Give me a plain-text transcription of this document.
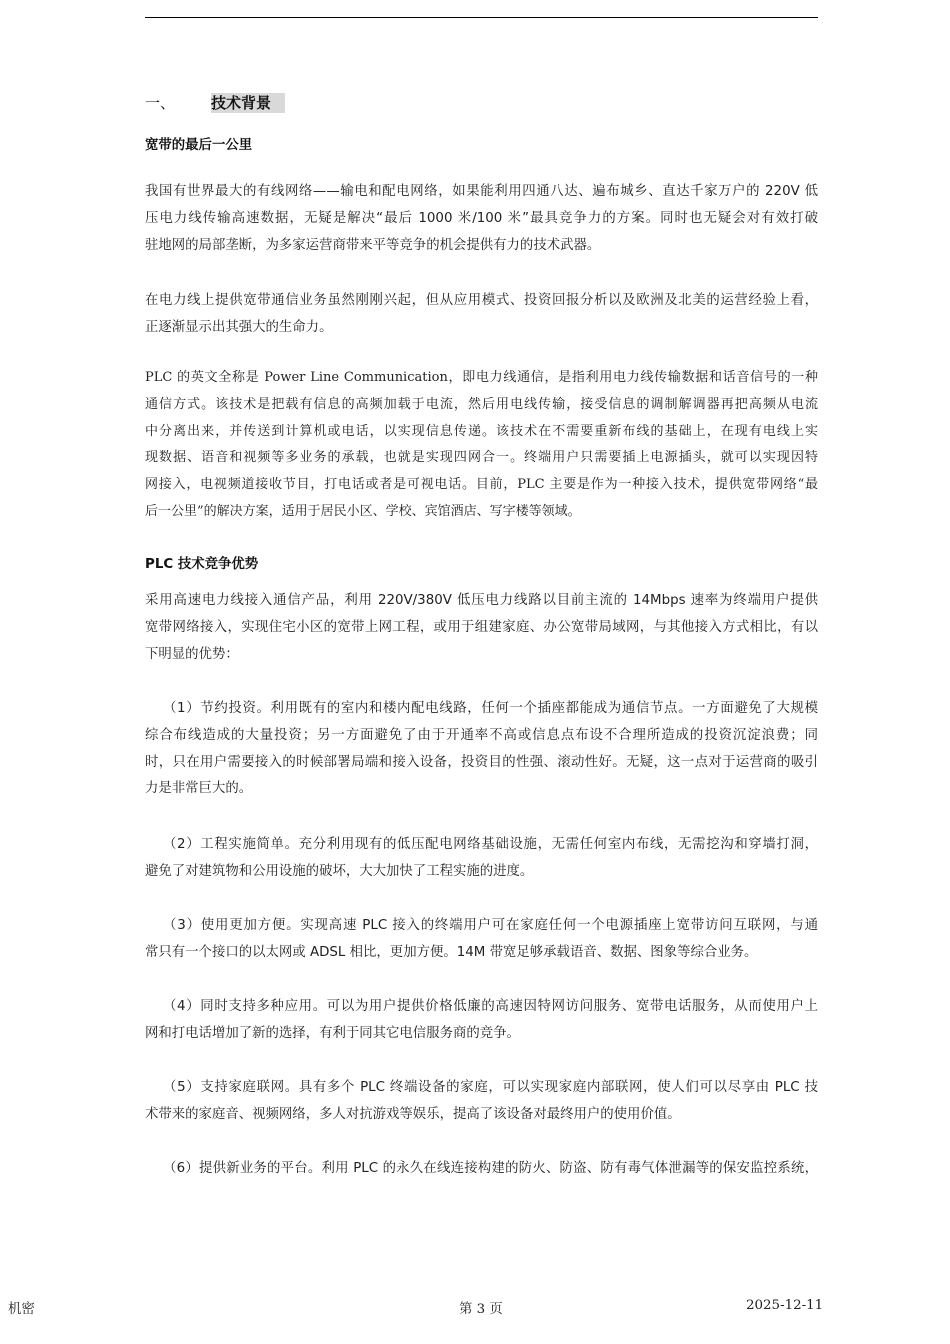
一、 技术背景
宽带的最后一公里
我国有世界最大的有线网络——输电和配电网络，如果能利用四通八达、遍布城乡、直达千家万户的 220V 低
压电力线传输高速数据，无疑是解决“最后 1000 米/100 米”最具竞争力的方案。同时也无疑会对有效打破
驻地网的局部垄断，为多家运营商带来平等竞争的机会提供有力的技术武器。
在电力线上提供宽带通信业务虽然刚刚兴起，但从应用模式、投资回报分析以及欧洲及北美的运营经验上看，
正逐渐显示出其强大的生命力。
PLC 的英文全称是 Power Line Communication，即电力线通信，是指利用电力线传输数据和话音信号的一种
通信方式。该技术是把载有信息的高频加载于电流，然后用电线传输，接受信息的调制解调器再把高频从电流
中分离出来，并传送到计算机或电话，以实现信息传递。该技术在不需要重新布线的基础上，在现有电线上实
现数据、语音和视频等多业务的承载，也就是实现四网合一。终端用户只需要插上电源插头，就可以实现因特
网接入，电视频道接收节目，打电话或者是可视电话。目前，PLC 主要是作为一种接入技术，提供宽带网络“最
后一公里”的解决方案，适用于居民小区、学校、宾馆酒店、写字楼等领域。
PLC 技术竞争优势
采用高速电力线接入通信产品，利用 220V/380V 低压电力线路以目前主流的 14Mbps 速率为终端用户提供
宽带网络接入，实现住宅小区的宽带上网工程，或用于组建家庭、办公宽带局域网，与其他接入方式相比，有以
下明显的优势：
（1）节约投资。利用既有的室内和楼内配电线路，任何一个插座都能成为通信节点。一方面避免了大规模
综合布线造成的大量投资；另一方面避免了由于开通率不高或信息点布设不合理所造成的投资沉淀浪费；同
时，只在用户需要接入的时候部署局端和接入设备，投资目的性强、滚动性好。无疑，这一点对于运营商的吸引
力是非常巨大的。
（2）工程实施简单。充分利用现有的低压配电网络基础设施，无需任何室内布线，无需挖沟和穿墙打洞，
避免了对建筑物和公用设施的破坏，大大加快了工程实施的进度。
（3）使用更加方便。实现高速 PLC 接入的终端用户可在家庭任何一个电源插座上宽带访问互联网，与通
常只有一个接口的以太网或 ADSL 相比，更加方便。14M 带宽足够承载语音、数据、图象等综合业务。
（4）同时支持多种应用。可以为用户提供价格低廉的高速因特网访问服务、宽带电话服务，从而使用户上
网和打电话增加了新的选择，有利于同其它电信服务商的竞争。
（5）支持家庭联网。具有多个 PLC 终端设备的家庭，可以实现家庭内部联网，使人们可以尽享由 PLC 技
术带来的家庭音、视频网络，多人对抗游戏等娱乐，提高了该设备对最终用户的使用价值。
（6）提供新业务的平台。利用 PLC 的永久在线连接构建的防火、防盗、防有毒气体泄漏等的保安监控系统，
机密	第 3 页	2025-12-11
